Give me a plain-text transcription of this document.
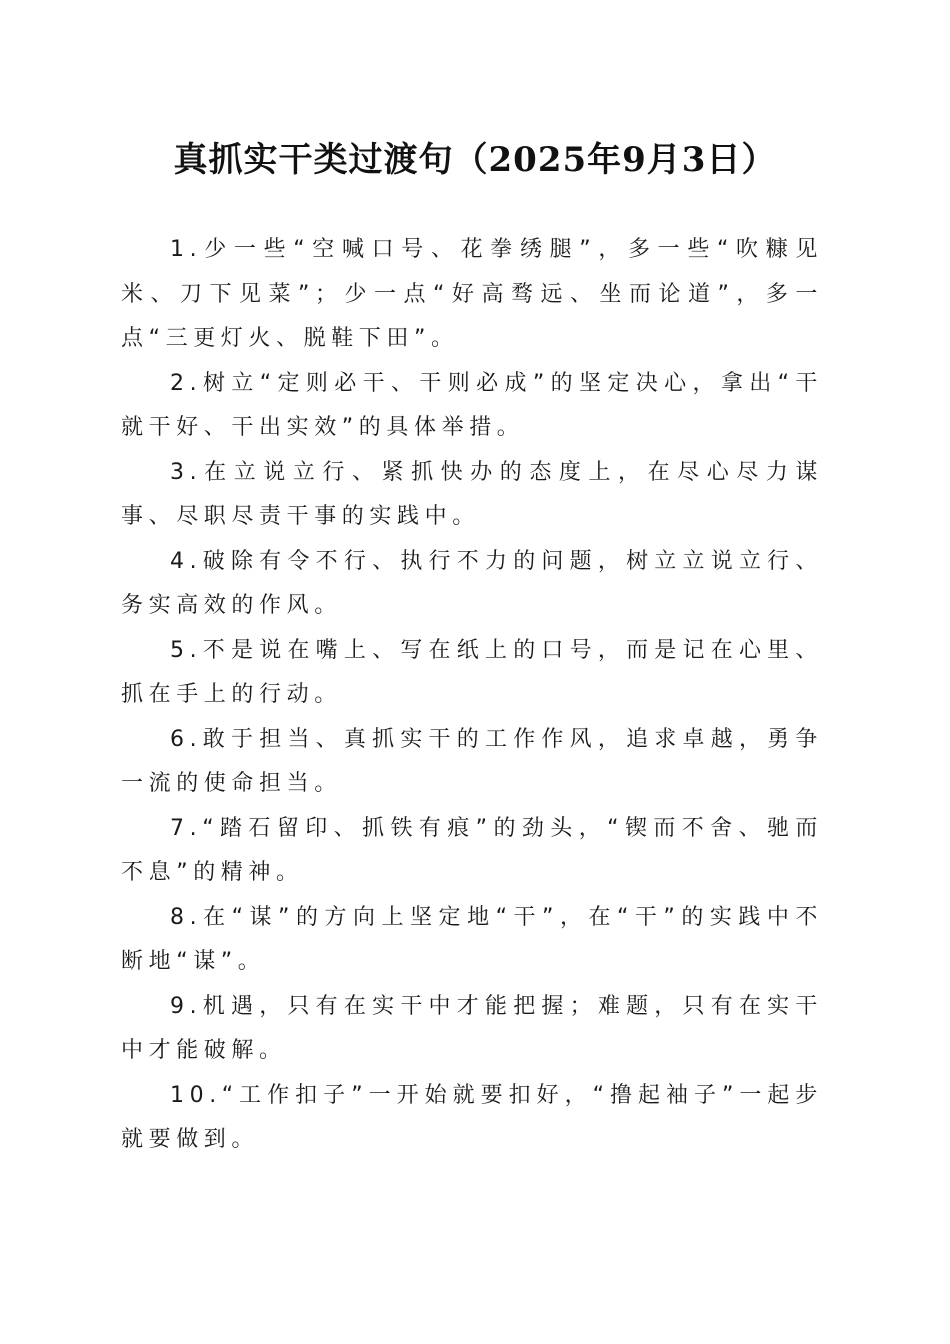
真抓实干类过渡句（2025年9月3日）

1.少一些“空喊口号、花拳绣腿”，多一些“吹糠见米、刀下见菜”；少一点“好高骛远、坐而论道”，多一点“三更灯火、脱鞋下田”。

2.树立“定则必干、干则必成”的坚定决心，拿出“干就干好、干出实效”的具体举措。

3.在立说立行、紧抓快办的态度上，在尽心尽力谋事、尽职尽责干事的实践中。

4.破除有令不行、执行不力的问题，树立立说立行、务实高效的作风。

5.不是说在嘴上、写在纸上的口号，而是记在心里、抓在手上的行动。

6.敢于担当、真抓实干的工作作风，追求卓越，勇争一流的使命担当。

7.“踏石留印、抓铁有痕”的劲头，“锲而不舍、驰而不息”的精神。

8.在“谋”的方向上坚定地“干”，在“干”的实践中不断地“谋”。

9.机遇，只有在实干中才能把握；难题，只有在实干中才能破解。

10.“工作扣子”一开始就要扣好，“撸起袖子”一起步就要做到。
